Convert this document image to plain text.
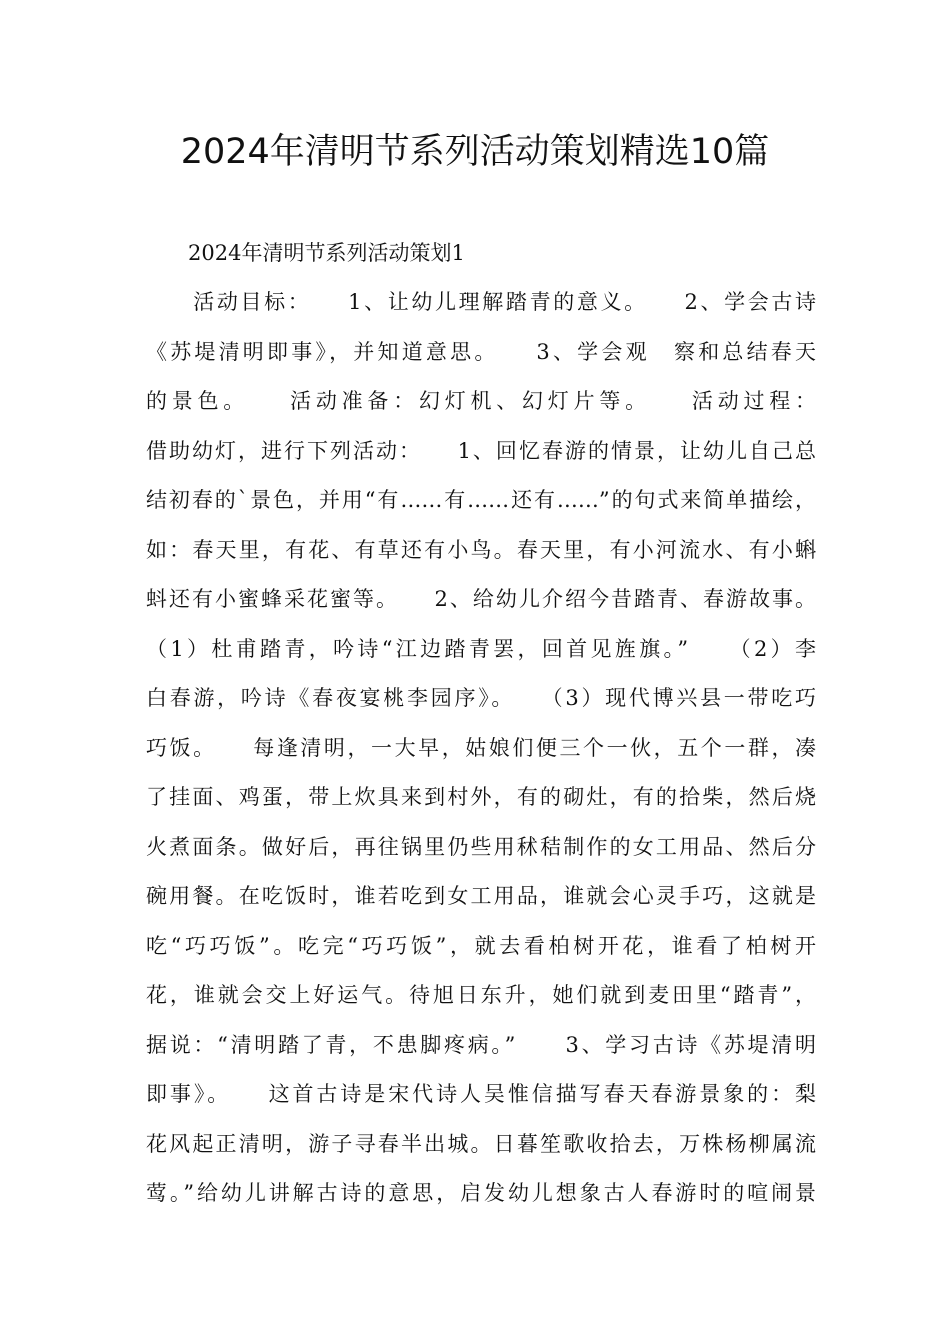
2024年清明节系列活动策划精选10篇
2024年清明节系列活动策划1
　　活动目标：　　1、让幼儿理解踏青的意义。　　2、学会古诗
《苏堤清明即事》，并知道意思。　　3、学会观　察和总结春天
的景色。　　活动准备：幻灯机、幻灯片等。　　活动过程：
借助幼灯，进行下列活动：　　1、回忆春游的情景，让幼儿自己总
结初春的`景色，并用“有……有……还有……”的句式来简单描绘，
如：春天里，有花、有草还有小鸟。春天里，有小河流水、有小蝌
蚪还有小蜜蜂采花蜜等。　　2、给幼儿介绍今昔踏青、春游故事。
（1）杜甫踏青，吟诗“江边踏青罢，回首见旌旗。”　　（2）李
白春游，吟诗《春夜宴桃李园序》。　　（3）现代博兴县一带吃巧
巧饭。　　每逢清明，一大早，姑娘们便三个一伙，五个一群，凑
了挂面、鸡蛋，带上炊具来到村外，有的砌灶，有的拾柴，然后烧
火煮面条。做好后，再往锅里仍些用秫秸制作的女工用品、然后分
碗用餐。在吃饭时，谁若吃到女工用品，谁就会心灵手巧，这就是
吃“巧巧饭”。吃完“巧巧饭”，就去看柏树开花，谁看了柏树开
花，谁就会交上好运气。待旭日东升，她们就到麦田里“踏青”，
据说：“清明踏了青，不患脚疼病。”　　3、学习古诗《苏堤清明
即事》。　　这首古诗是宋代诗人吴惟信描写春天春游景象的：梨
花风起正清明，游子寻春半出城。日暮笙歌收拾去，万株杨柳属流
莺。”给幼儿讲解古诗的意思，启发幼儿想象古人春游时的喧闹景
